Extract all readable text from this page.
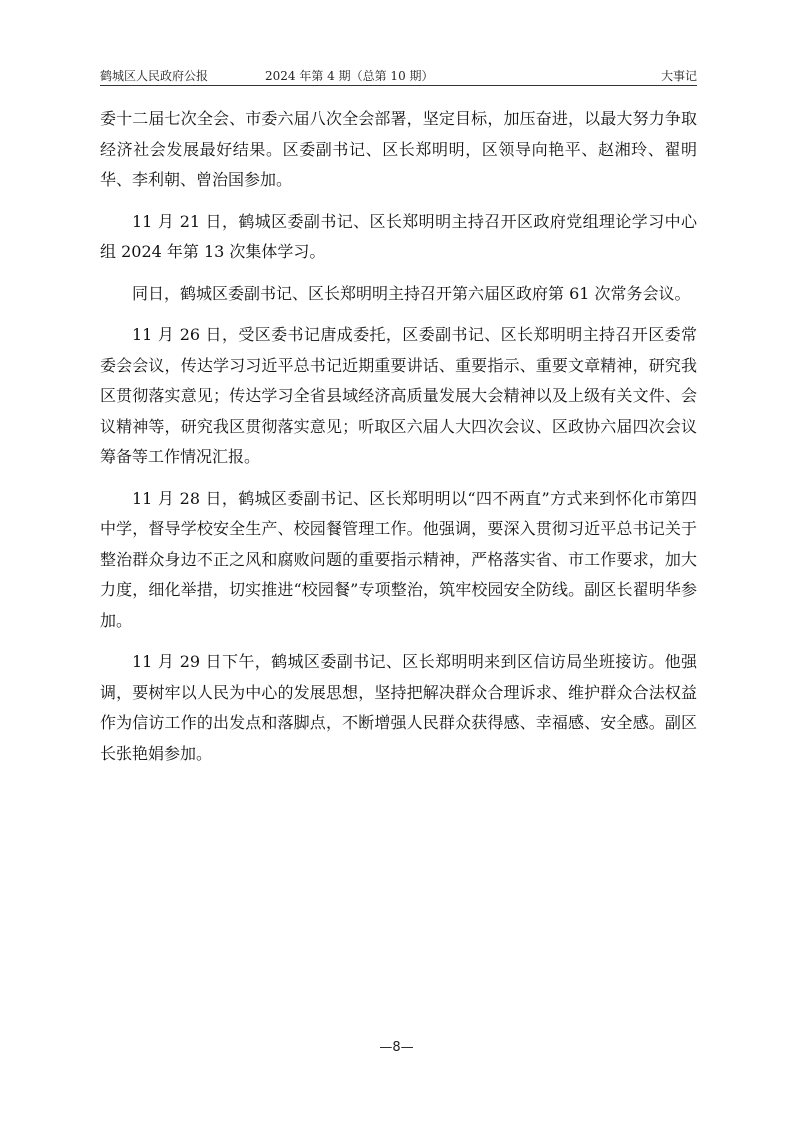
鹤城区人民政府公报	2024 年第 4 期（总第 10 期）	大事记

委十二届七次全会、市委六届八次全会部署，坚定目标，加压奋进，以最大努力争取经济社会发展最好结果。区委副书记、区长郑明明，区领导向艳平、赵湘玲、翟明华、李利朝、曾治国参加。

11 月 21 日，鹤城区委副书记、区长郑明明主持召开区政府党组理论学习中心组 2024 年第 13 次集体学习。

同日，鹤城区委副书记、区长郑明明主持召开第六届区政府第 61 次常务会议。

11 月 26 日，受区委书记唐成委托，区委副书记、区长郑明明主持召开区委常委会会议，传达学习习近平总书记近期重要讲话、重要指示、重要文章精神，研究我区贯彻落实意见；传达学习全省县域经济高质量发展大会精神以及上级有关文件、会议精神等，研究我区贯彻落实意见；听取区六届人大四次会议、区政协六届四次会议筹备等工作情况汇报。

11 月 28 日，鹤城区委副书记、区长郑明明以“四不两直”方式来到怀化市第四中学，督导学校安全生产、校园餐管理工作。他强调，要深入贯彻习近平总书记关于整治群众身边不正之风和腐败问题的重要指示精神，严格落实省、市工作要求，加大力度，细化举措，切实推进“校园餐”专项整治，筑牢校园安全防线。副区长翟明华参加。

11 月 29 日下午，鹤城区委副书记、区长郑明明来到区信访局坐班接访。他强调，要树牢以人民为中心的发展思想，坚持把解决群众合理诉求、维护群众合法权益作为信访工作的出发点和落脚点，不断增强人民群众获得感、幸福感、安全感。副区长张艳娟参加。

—8—
